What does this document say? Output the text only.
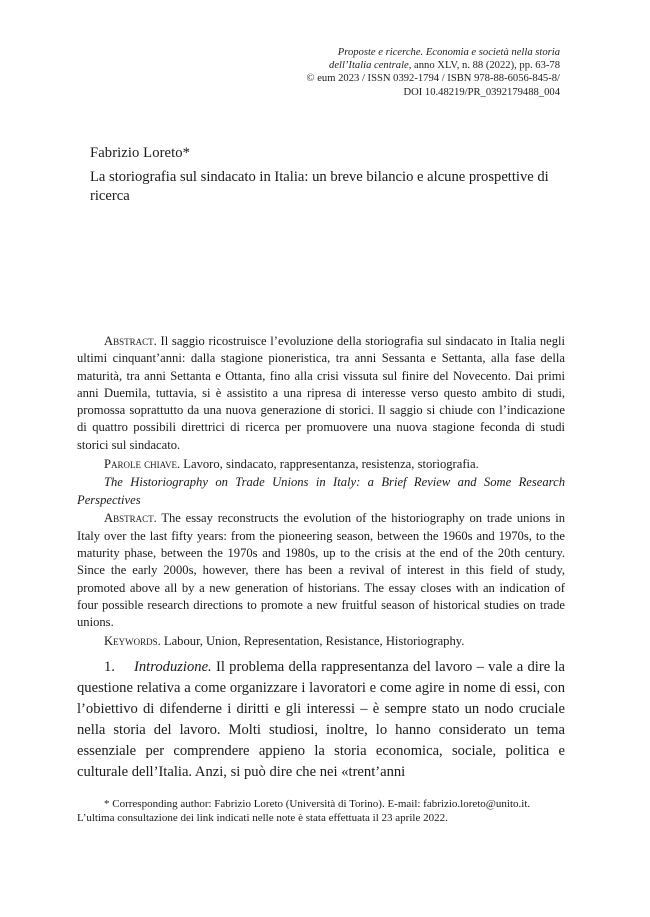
Proposte e ricerche. Economia e società nella storia
dell’Italia centrale, anno XLV, n. 88 (2022), pp. 63-78
© eum 2023 / ISSN 0392-1794 / ISBN 978-88-6056-845-8/
DOI 10.48219/PR_0392179488_004
Fabrizio Loreto*
La storiografia sul sindacato in Italia: un breve bilancio e alcune prospettive di ricerca

Abstract. Il saggio ricostruisce l’evoluzione della storiografia sul sindacato in Italia negli ultimi cinquant’anni: dalla stagione pioneristica, tra anni Sessanta e Settanta, alla fase della maturità, tra anni Settanta e Ottanta, fino alla crisi vissuta sul finire del Novecento. Dai primi anni Duemila, tuttavia, si è assistito a una ripresa di interesse verso questo ambito di studi, promossa soprattutto da una nuova generazione di storici. Il saggio si chiude con l’indicazione di quattro possibili direttrici di ricerca per promuovere una nuova stagione feconda di studi storici sul sindacato.

Parole chiave. Lavoro, sindacato, rappresentanza, resistenza, storiografia.

The Historiography on Trade Unions in Italy: a Brief Review and Some Research Perspectives

Abstract. The essay reconstructs the evolution of the historiography on trade unions in Italy over the last fifty years: from the pioneering season, between the 1960s and 1970s, to the maturity phase, between the 1970s and 1980s, up to the crisis at the end of the 20th century. Since the early 2000s, however, there has been a revival of interest in this field of study, promoted above all by a new generation of historians. The essay closes with an indication of four possible research directions to promote a new fruitful season of historical studies on trade unions.

Keywords. Labour, Union, Representation, Resistance, Historiography.

1. Introduzione. Il problema della rappresentanza del lavoro – vale a dire la questione relativa a come organizzare i lavoratori e come agire in nome di essi, con l’obiettivo di difenderne i diritti e gli interessi – è sempre stato un nodo cruciale nella storia del lavoro. Molti studiosi, inoltre, lo hanno considerato un tema essenziale per comprendere appieno la storia economica, sociale, politica e culturale dell’Italia. Anzi, si può dire che nei «trent’anni

* Corresponding author: Fabrizio Loreto (Università di Torino). E-mail: fabrizio.loreto@unito.it.

L’ultima consultazione dei link indicati nelle note è stata effettuata il 23 aprile 2022.
